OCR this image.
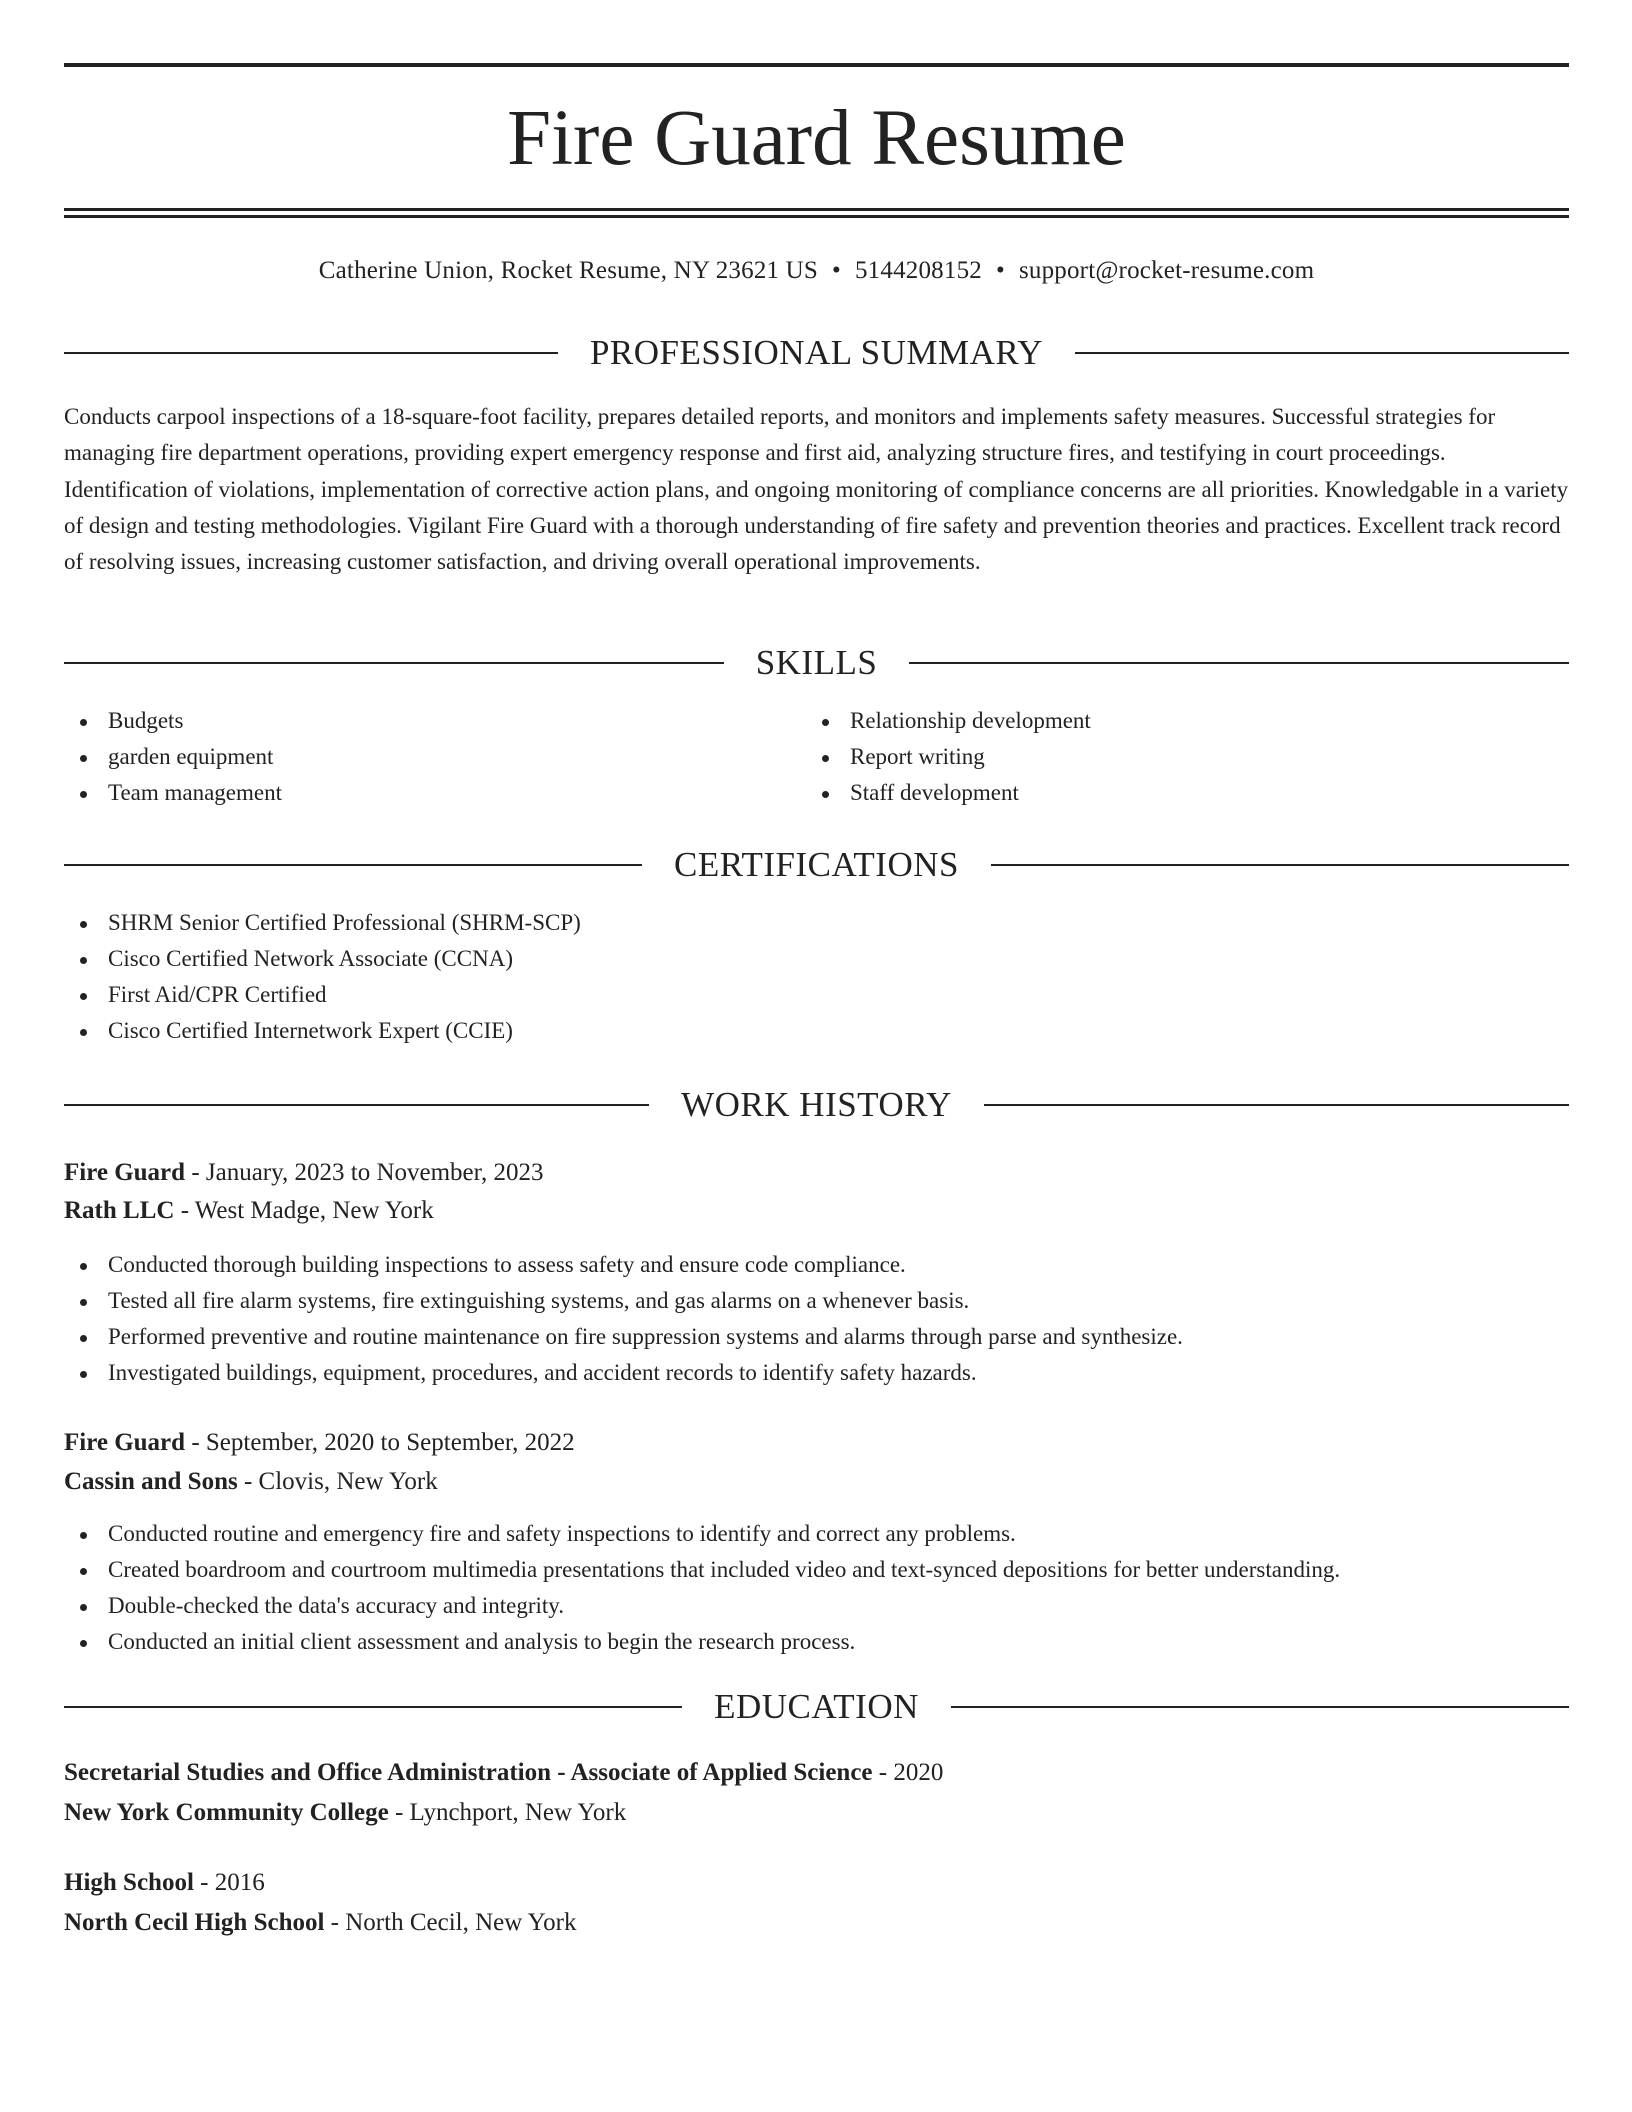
Fire Guard Resume
Catherine Union, Rocket Resume, NY 23621 US • 5144208152 • support@rocket-resume.com
PROFESSIONAL SUMMARY

Conducts carpool inspections of a 18-square-foot facility, prepares detailed reports, and monitors and implements safety measures. Successful strategies for managing fire department operations, providing expert emergency response and first aid, analyzing structure fires, and testifying in court proceedings. Identification of violations, implementation of corrective action plans, and ongoing monitoring of compliance concerns are all priorities. Knowledgable in a variety of design and testing methodologies. Vigilant Fire Guard with a thorough understanding of fire safety and prevention theories and practices. Excellent track record of resolving issues, increasing customer satisfaction, and driving overall operational improvements.

SKILLS
Budgets
garden equipment
Team management
Relationship development
Report writing
Staff development
CERTIFICATIONS
SHRM Senior Certified Professional (SHRM-SCP)
Cisco Certified Network Associate (CCNA)
First Aid/CPR Certified
Cisco Certified Internetwork Expert (CCIE)
WORK HISTORY
Fire Guard - January, 2023 to November, 2023
Rath LLC - West Madge, New York
Conducted thorough building inspections to assess safety and ensure code compliance.
Tested all fire alarm systems, fire extinguishing systems, and gas alarms on a whenever basis.
Performed preventive and routine maintenance on fire suppression systems and alarms through parse and synthesize.
Investigated buildings, equipment, procedures, and accident records to identify safety hazards.
Fire Guard - September, 2020 to September, 2022
Cassin and Sons - Clovis, New York
Conducted routine and emergency fire and safety inspections to identify and correct any problems.
Created boardroom and courtroom multimedia presentations that included video and text-synced depositions for better understanding.
Double-checked the data's accuracy and integrity.
Conducted an initial client assessment and analysis to begin the research process.
EDUCATION
Secretarial Studies and Office Administration - Associate of Applied Science - 2020
New York Community College - Lynchport, New York
High School - 2016
North Cecil High School - North Cecil, New York
